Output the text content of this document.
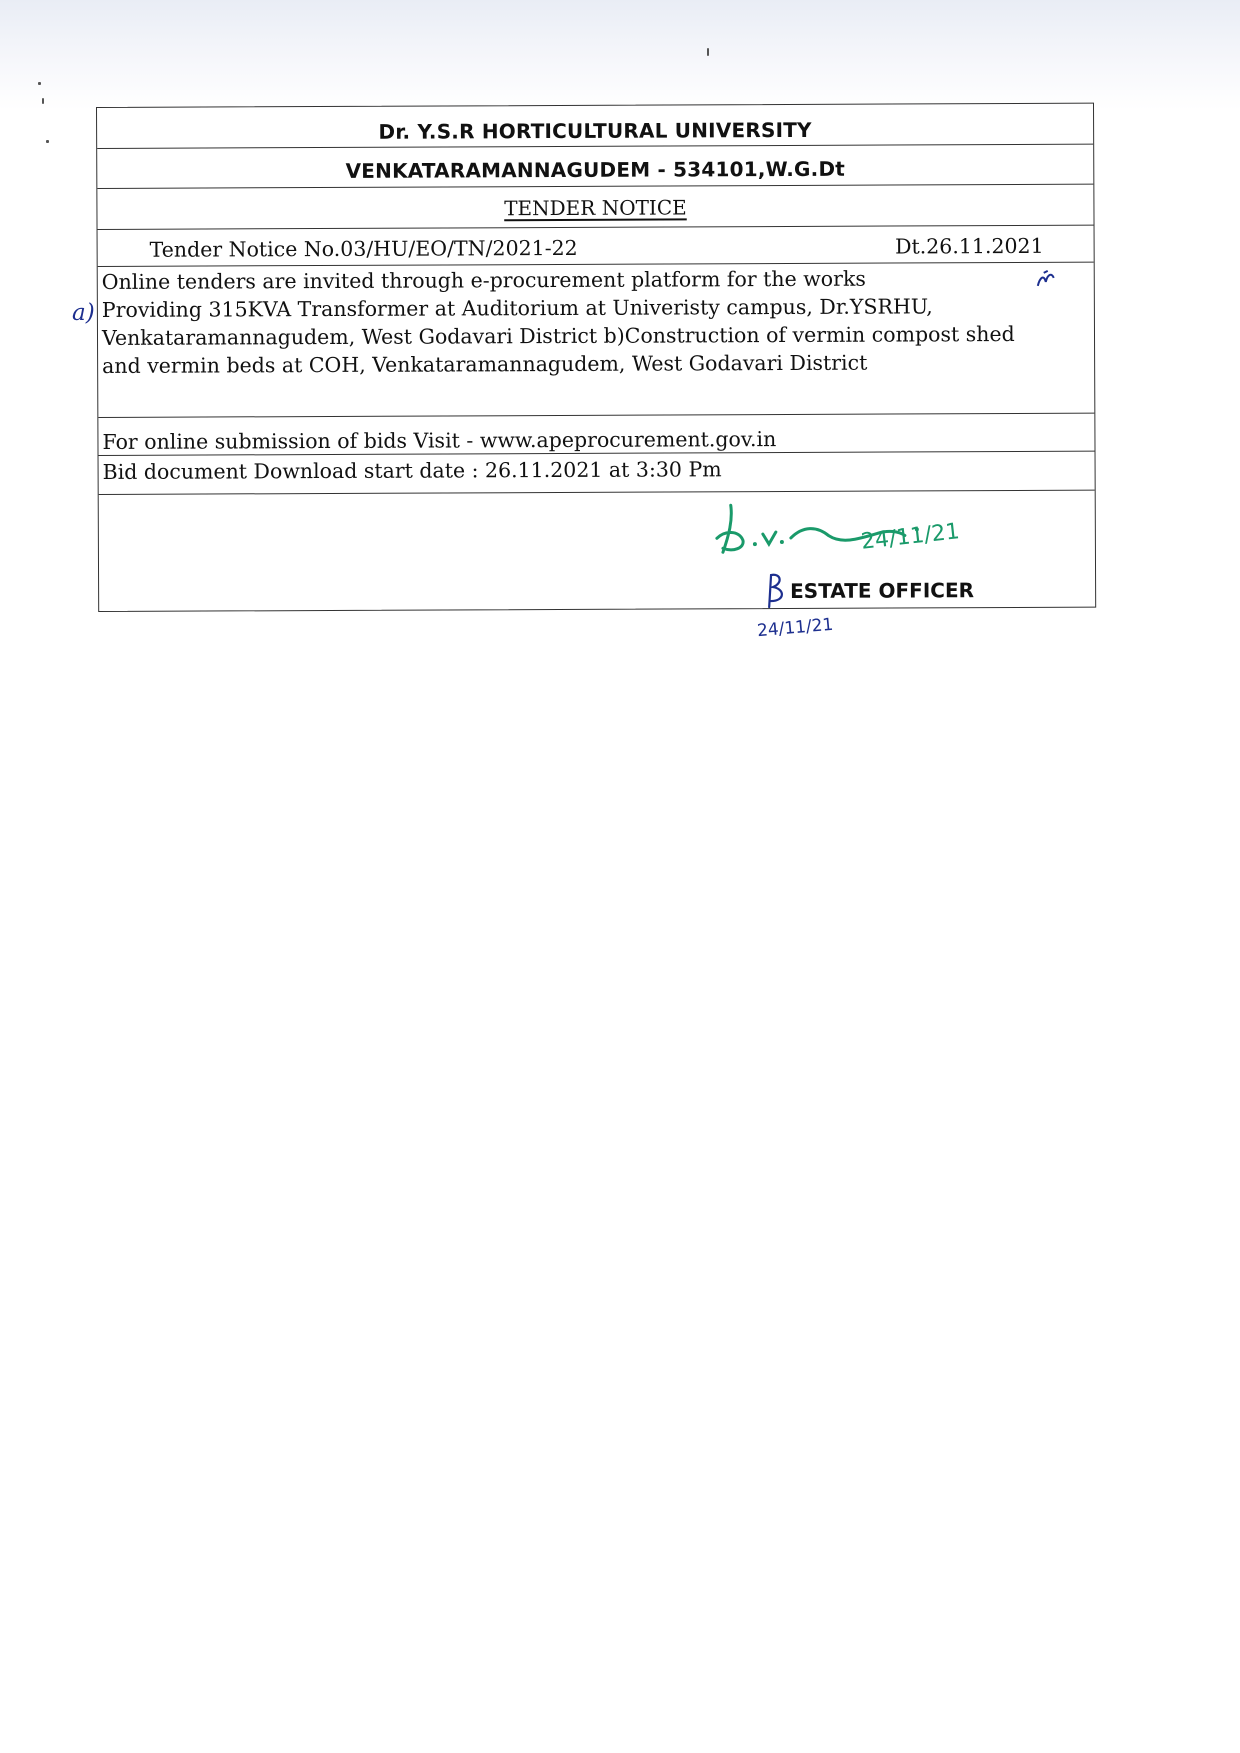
Dr. Y.S.R HORTICULTURAL UNIVERSITY
VENKATARAMANNAGUDEM - 534101,W.G.Dt
TENDER NOTICE
Tender Notice No.03/HU/EO/TN/2021-22	Dt.26.11.2021
Online tenders are invited through e-procurement platform for the works
Providing 315KVA Transformer at Auditorium at Univeristy campus, Dr.YSRHU,
Venkataramannagudem, West Godavari District b)Construction of vermin compost shed
and vermin beds at COH, Venkataramannagudem, West Godavari District
For online submission of bids Visit - www.apeprocurement.gov.in
Bid document Download start date : 26.11.2021 at 3:30 Pm
ESTATE OFFICER
24/11/21
a)
24/11/21
